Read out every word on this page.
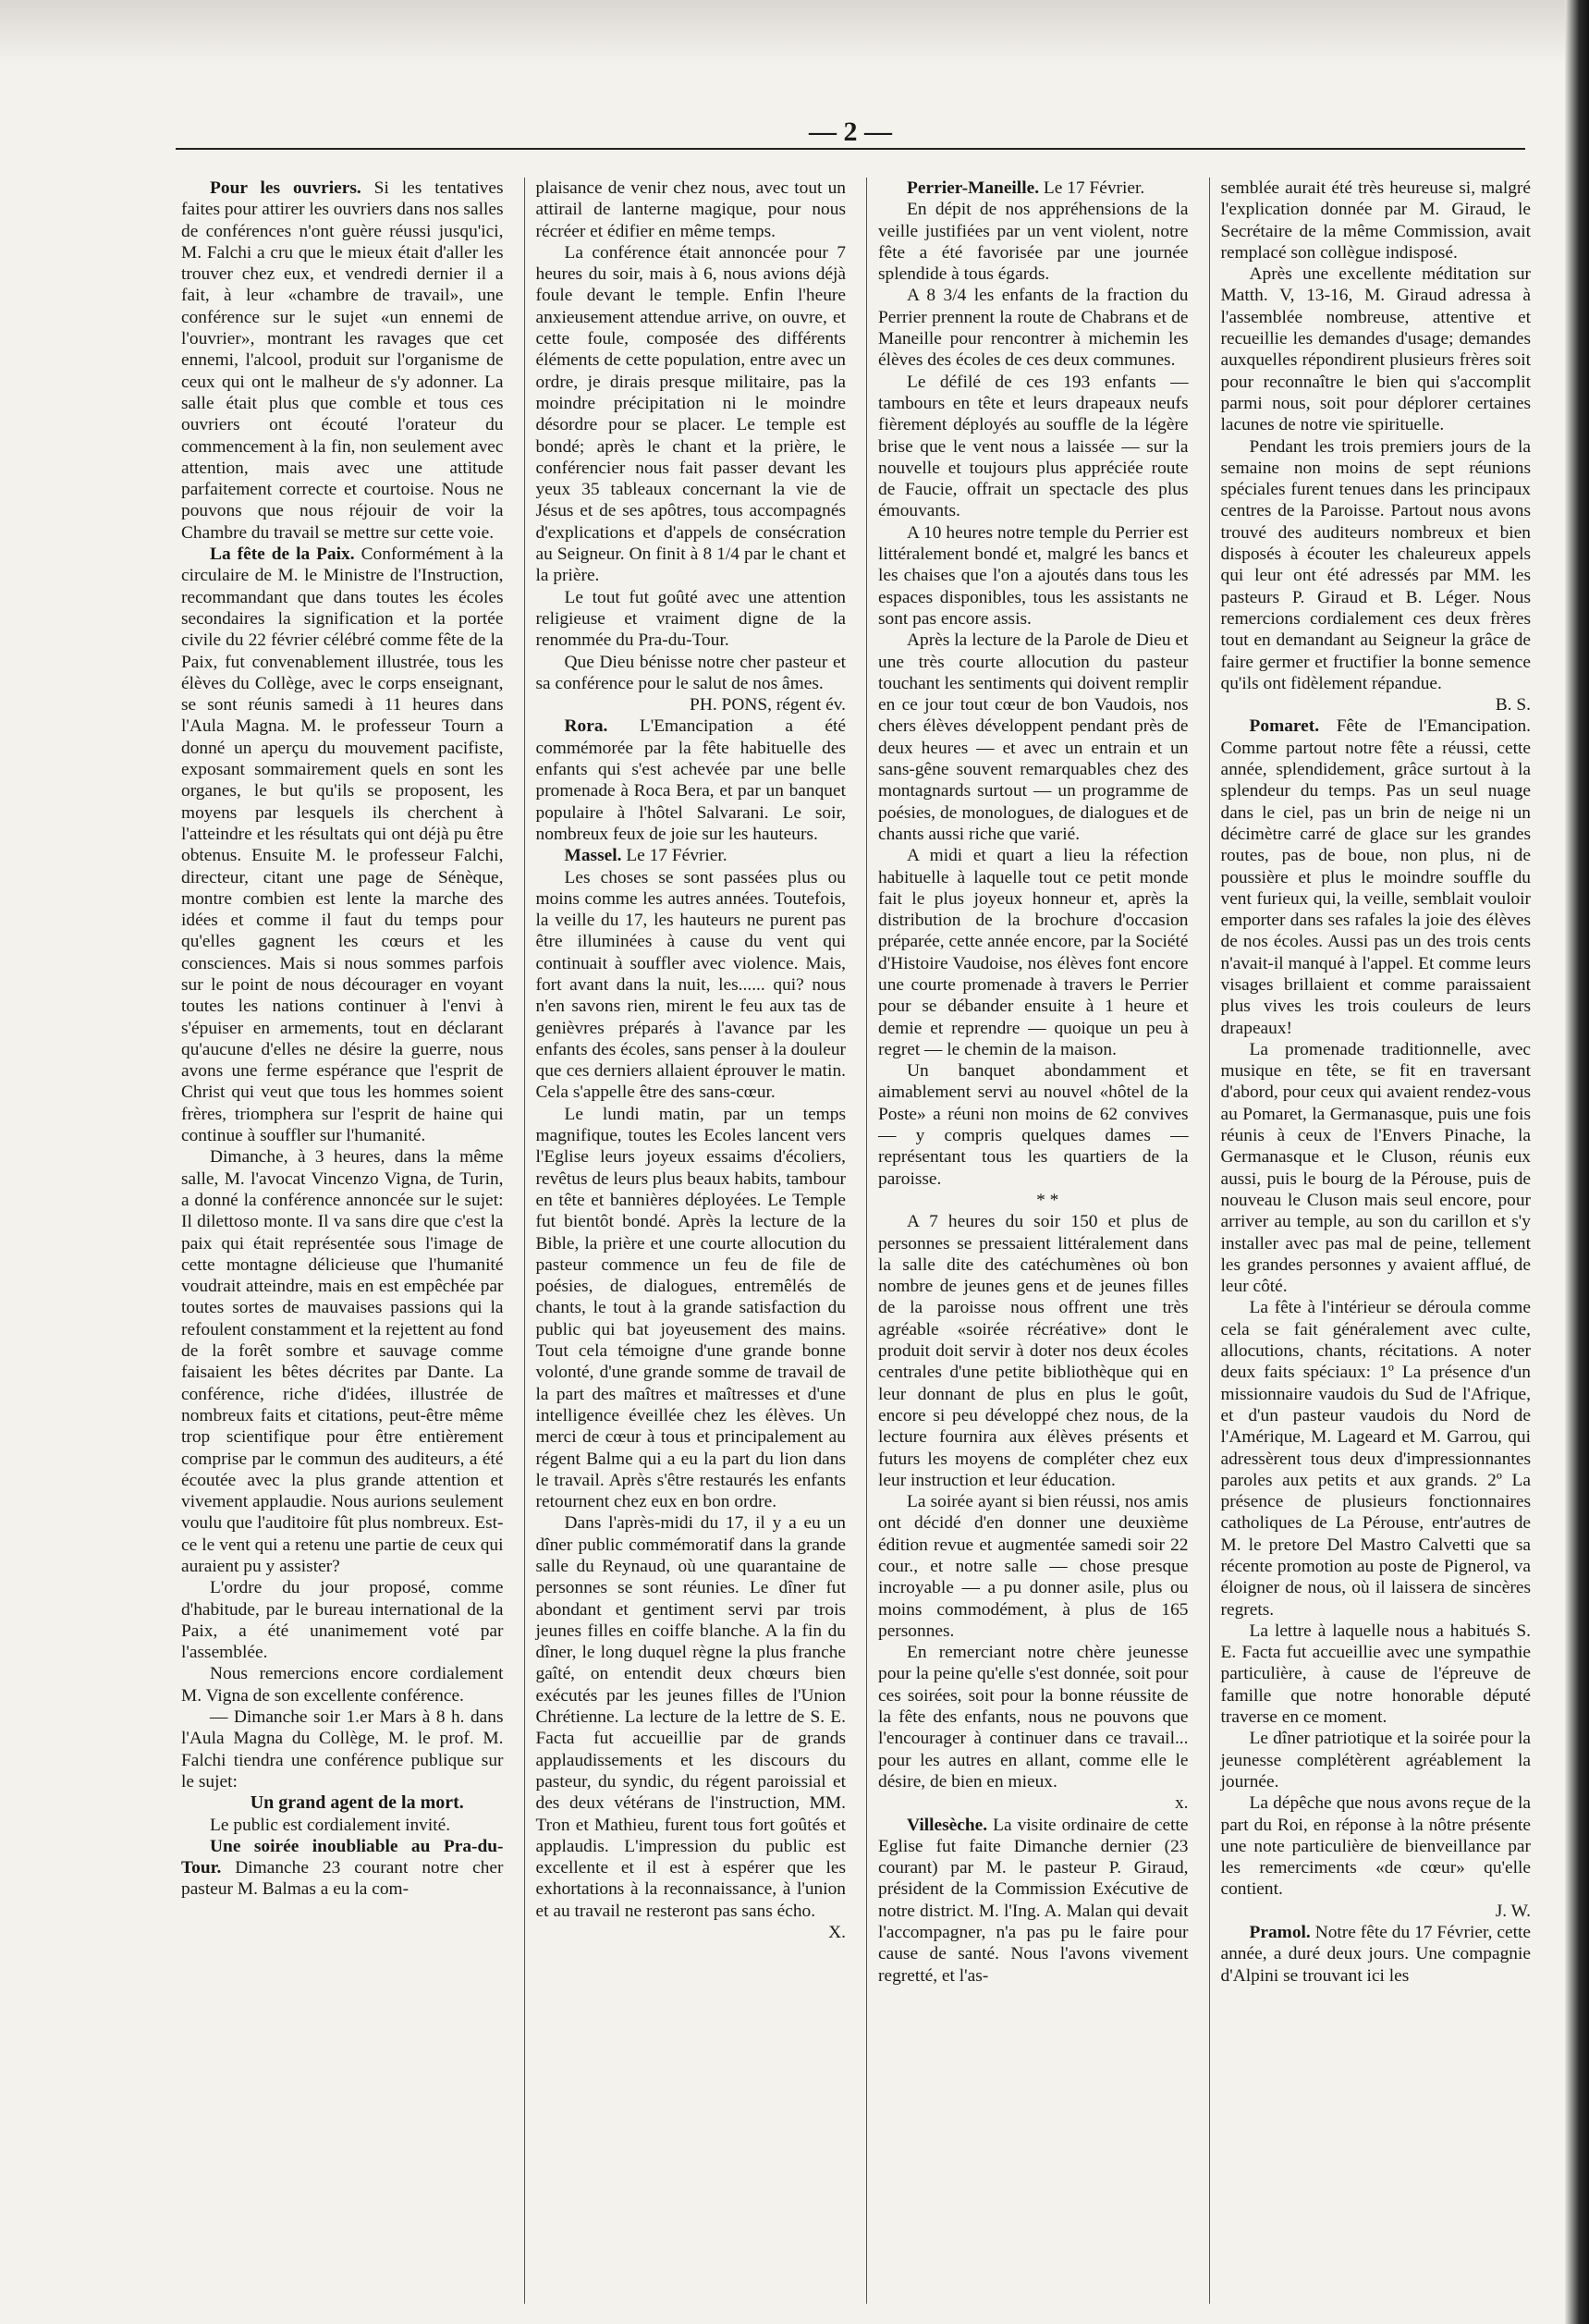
— 2 —

Pour les ouvriers. Si les tentatives faites pour attirer les ouvriers dans nos salles de conférences n'ont guère réussi jusqu'ici, M. Falchi a cru que le mieux était d'aller les trouver chez eux, et vendredi dernier il a fait, à leur «chambre de travail», une conférence sur le sujet «un ennemi de l'ouvrier», montrant les ravages que cet ennemi, l'alcool, produit sur l'organisme de ceux qui ont le malheur de s'y adonner. La salle était plus que comble et tous ces ouvriers ont écouté l'orateur du commencement à la fin, non seulement avec attention, mais avec une attitude parfaitement correcte et courtoise. Nous ne pouvons que nous réjouir de voir la Chambre du travail se mettre sur cette voie.

La fête de la Paix. Conformément à la circulaire de M. le Ministre de l'Instruction, recommandant que dans toutes les écoles secondaires la signification et la portée civile du 22 février célébré comme fête de la Paix, fut convenablement illustrée, tous les élèves du Collège, avec le corps enseignant, se sont réunis samedi à 11 heures dans l'Aula Magna. M. le professeur Tourn a donné un aperçu du mouvement pacifiste, exposant sommairement quels en sont les organes, le but qu'ils se proposent, les moyens par lesquels ils cherchent à l'atteindre et les résultats qui ont déjà pu être obtenus. Ensuite M. le professeur Falchi, directeur, citant une page de Sénèque, montre combien est lente la marche des idées et comme il faut du temps pour qu'elles gagnent les cœurs et les consciences. Mais si nous sommes parfois sur le point de nous décourager en voyant toutes les nations continuer à l'envi à s'épuiser en armements, tout en déclarant qu'aucune d'elles ne désire la guerre, nous avons une ferme espérance que l'esprit de Christ qui veut que tous les hommes soient frères, triomphera sur l'esprit de haine qui continue à souffler sur l'humanité.

Dimanche, à 3 heures, dans la même salle, M. l'avocat Vincenzo Vigna, de Turin, a donné la conférence annoncée sur le sujet: Il dilettoso monte. Il va sans dire que c'est la paix qui était représentée sous l'image de cette montagne délicieuse que l'humanité voudrait atteindre, mais en est empêchée par toutes sortes de mauvaises passions qui la refoulent constamment et la rejettent au fond de la forêt sombre et sauvage comme faisaient les bêtes décrites par Dante. La conférence, riche d'idées, illustrée de nombreux faits et citations, peut-être même trop scientifique pour être entièrement comprise par le commun des auditeurs, a été écoutée avec la plus grande attention et vivement applaudie. Nous aurions seulement voulu que l'auditoire fût plus nombreux. Est-ce le vent qui a retenu une partie de ceux qui auraient pu y assister?

L'ordre du jour proposé, comme d'habitude, par le bureau international de la Paix, a été unanimement voté par l'assemblée.

Nous remercions encore cordialement M. Vigna de son excellente conférence.

— Dimanche soir 1.er Mars à 8 h. dans l'Aula Magna du Collège, M. le prof. M. Falchi tiendra une conférence publique sur le sujet:

Un grand agent de la mort.

Le public est cordialement invité.

Une soirée inoubliable au Pra-du-Tour. Dimanche 23 courant notre cher pasteur M. Balmas a eu la com-

plaisance de venir chez nous, avec tout un attirail de lanterne magique, pour nous récréer et édifier en même temps.

La conférence était annoncée pour 7 heures du soir, mais à 6, nous avions déjà foule devant le temple. Enfin l'heure anxieusement attendue arrive, on ouvre, et cette foule, composée des différents éléments de cette population, entre avec un ordre, je dirais presque militaire, pas la moindre précipitation ni le moindre désordre pour se placer. Le temple est bondé; après le chant et la prière, le conférencier nous fait passer devant les yeux 35 tableaux concernant la vie de Jésus et de ses apôtres, tous accompagnés d'explications et d'appels de consécration au Seigneur. On finit à 8 1/4 par le chant et la prière.

Le tout fut goûté avec une attention religieuse et vraiment digne de la renommée du Pra-du-Tour.

Que Dieu bénisse notre cher pasteur et sa conférence pour le salut de nos âmes.

PH. PONS, régent év.

Rora. L'Emancipation a été commémorée par la fête habituelle des enfants qui s'est achevée par une belle promenade à Roca Bera, et par un banquet populaire à l'hôtel Salvarani. Le soir, nombreux feux de joie sur les hauteurs.

Massel. Le 17 Février.

Les choses se sont passées plus ou moins comme les autres années. Toutefois, la veille du 17, les hauteurs ne purent pas être illuminées à cause du vent qui continuait à souffler avec violence. Mais, fort avant dans la nuit, les...... qui? nous n'en savons rien, mirent le feu aux tas de genièvres préparés à l'avance par les enfants des écoles, sans penser à la douleur que ces derniers allaient éprouver le matin. Cela s'appelle être des sans-cœur.

Le lundi matin, par un temps magnifique, toutes les Ecoles lancent vers l'Eglise leurs joyeux essaims d'écoliers, revêtus de leurs plus beaux habits, tambour en tête et bannières déployées. Le Temple fut bientôt bondé. Après la lecture de la Bible, la prière et une courte allocution du pasteur commence un feu de file de poésies, de dialogues, entremêlés de chants, le tout à la grande satisfaction du public qui bat joyeusement des mains. Tout cela témoigne d'une grande bonne volonté, d'une grande somme de travail de la part des maîtres et maîtresses et d'une intelligence éveillée chez les élèves. Un merci de cœur à tous et principalement au régent Balme qui a eu la part du lion dans le travail. Après s'être restaurés les enfants retournent chez eux en bon ordre.

Dans l'après-midi du 17, il y a eu un dîner public commémoratif dans la grande salle du Reynaud, où une quarantaine de personnes se sont réunies. Le dîner fut abondant et gentiment servi par trois jeunes filles en coiffe blanche. A la fin du dîner, le long duquel règne la plus franche gaîté, on entendit deux chœurs bien exécutés par les jeunes filles de l'Union Chrétienne. La lecture de la lettre de S. E. Facta fut accueillie par de grands applaudissements et les discours du pasteur, du syndic, du régent paroissial et des deux vétérans de l'instruction, MM. Tron et Mathieu, furent tous fort goûtés et applaudis. L'impression du public est excellente et il est à espérer que les exhortations à la reconnaissance, à l'union et au travail ne resteront pas sans écho.

X.

Perrier-Maneille. Le 17 Février.

En dépit de nos appréhensions de la veille justifiées par un vent violent, notre fête a été favorisée par une journée splendide à tous égards.

A 8 3/4 les enfants de la fraction du Perrier prennent la route de Chabrans et de Maneille pour rencontrer à michemin les élèves des écoles de ces deux communes.

Le défilé de ces 193 enfants — tambours en tête et leurs drapeaux neufs fièrement déployés au souffle de la légère brise que le vent nous a laissée — sur la nouvelle et toujours plus appréciée route de Faucie, offrait un spectacle des plus émouvants.

A 10 heures notre temple du Perrier est littéralement bondé et, malgré les bancs et les chaises que l'on a ajoutés dans tous les espaces disponibles, tous les assistants ne sont pas encore assis.

Après la lecture de la Parole de Dieu et une très courte allocution du pasteur touchant les sentiments qui doivent remplir en ce jour tout cœur de bon Vaudois, nos chers élèves développent pendant près de deux heures — et avec un entrain et un sans-gêne souvent remarquables chez des montagnards surtout — un programme de poésies, de monologues, de dialogues et de chants aussi riche que varié.

A midi et quart a lieu la réfection habituelle à laquelle tout ce petit monde fait le plus joyeux honneur et, après la distribution de la brochure d'occasion préparée, cette année encore, par la Société d'Histoire Vaudoise, nos élèves font encore une courte promenade à travers le Perrier pour se débander ensuite à 1 heure et demie et reprendre — quoique un peu à regret — le chemin de la maison.

Un banquet abondamment et aimablement servi au nouvel «hôtel de la Poste» a réuni non moins de 62 convives — y compris quelques dames — représentant tous les quartiers de la paroisse.

* *

A 7 heures du soir 150 et plus de personnes se pressaient littéralement dans la salle dite des catéchumènes où bon nombre de jeunes gens et de jeunes filles de la paroisse nous offrent une très agréable «soirée récréative» dont le produit doit servir à doter nos deux écoles centrales d'une petite bibliothèque qui en leur donnant de plus en plus le goût, encore si peu développé chez nous, de la lecture fournira aux élèves présents et futurs les moyens de compléter chez eux leur instruction et leur éducation.

La soirée ayant si bien réussi, nos amis ont décidé d'en donner une deuxième édition revue et augmentée samedi soir 22 cour., et notre salle — chose presque incroyable — a pu donner asile, plus ou moins commodément, à plus de 165 personnes.

En remerciant notre chère jeunesse pour la peine qu'elle s'est donnée, soit pour ces soirées, soit pour la bonne réussite de la fête des enfants, nous ne pouvons que l'encourager à continuer dans ce travail... pour les autres en allant, comme elle le désire, de bien en mieux.

x.

Villesèche. La visite ordinaire de cette Eglise fut faite Dimanche dernier (23 courant) par M. le pasteur P. Giraud, président de la Commission Exécutive de notre district. M. l'Ing. A. Malan qui devait l'accompagner, n'a pas pu le faire pour cause de santé. Nous l'avons vivement regretté, et l'as-

semblée aurait été très heureuse si, malgré l'explication donnée par M. Giraud, le Secrétaire de la même Commission, avait remplacé son collègue indisposé.

Après une excellente méditation sur Matth. V, 13-16, M. Giraud adressa à l'assemblée nombreuse, attentive et recueillie les demandes d'usage; demandes auxquelles répondirent plusieurs frères soit pour reconnaître le bien qui s'accomplit parmi nous, soit pour déplorer certaines lacunes de notre vie spirituelle.

Pendant les trois premiers jours de la semaine non moins de sept réunions spéciales furent tenues dans les principaux centres de la Paroisse. Partout nous avons trouvé des auditeurs nombreux et bien disposés à écouter les chaleureux appels qui leur ont été adressés par MM. les pasteurs P. Giraud et B. Léger. Nous remercions cordialement ces deux frères tout en demandant au Seigneur la grâce de faire germer et fructifier la bonne semence qu'ils ont fidèlement répandue.

B. S.

Pomaret. Fête de l'Emancipation. Comme partout notre fête a réussi, cette année, splendidement, grâce surtout à la splendeur du temps. Pas un seul nuage dans le ciel, pas un brin de neige ni un décimètre carré de glace sur les grandes routes, pas de boue, non plus, ni de poussière et plus le moindre souffle du vent furieux qui, la veille, semblait vouloir emporter dans ses rafales la joie des élèves de nos écoles. Aussi pas un des trois cents n'avait-il manqué à l'appel. Et comme leurs visages brillaient et comme paraissaient plus vives les trois couleurs de leurs drapeaux!

La promenade traditionnelle, avec musique en tête, se fit en traversant d'abord, pour ceux qui avaient rendez-vous au Pomaret, la Germanasque, puis une fois réunis à ceux de l'Envers Pinache, la Germanasque et le Cluson, réunis eux aussi, puis le bourg de la Pérouse, puis de nouveau le Cluson mais seul encore, pour arriver au temple, au son du carillon et s'y installer avec pas mal de peine, tellement les grandes personnes y avaient afflué, de leur côté.

La fête à l'intérieur se déroula comme cela se fait généralement avec culte, allocutions, chants, récitations. A noter deux faits spéciaux: 1º La présence d'un missionnaire vaudois du Sud de l'Afrique, et d'un pasteur vaudois du Nord de l'Amérique, M. Lageard et M. Garrou, qui adressèrent tous deux d'impressionnantes paroles aux petits et aux grands. 2º La présence de plusieurs fonctionnaires catholiques de La Pérouse, entr'autres de M. le pretore Del Mastro Calvetti que sa récente promotion au poste de Pignerol, va éloigner de nous, où il laissera de sincères regrets.

La lettre à laquelle nous a habitués S. E. Facta fut accueillie avec une sympathie particulière, à cause de l'épreuve de famille que notre honorable député traverse en ce moment.

Le dîner patriotique et la soirée pour la jeunesse complétèrent agréablement la journée.

La dépêche que nous avons reçue de la part du Roi, en réponse à la nôtre présente une note particulière de bienveillance par les remerciments «de cœur» qu'elle contient.

J. W.

Pramol. Notre fête du 17 Février, cette année, a duré deux jours. Une compagnie d'Alpini se trouvant ici les
